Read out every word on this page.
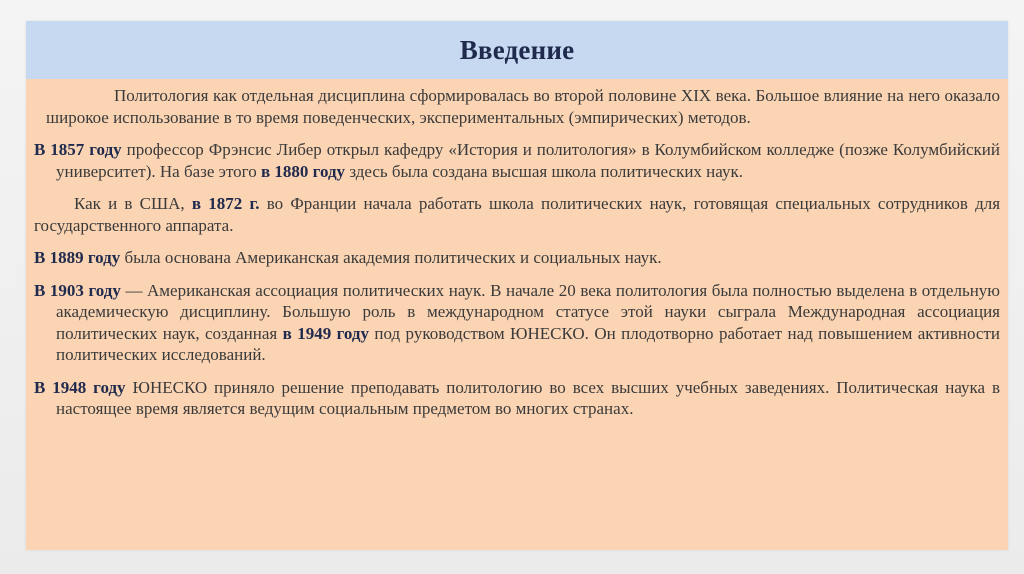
Введение

Политология как отдельная дисциплина сформировалась во второй половине XIX века. Большое влияние на него оказало широкое использование в то время поведенческих, экспериментальных (эмпирических) методов.

В 1857 году профессор Фрэнсис Либер открыл кафедру «История и политология» в Колумбийском колледже (позже Колумбийский университет). На базе этого в 1880 году здесь была создана высшая школа политических наук.

Как и в США, в 1872 г. во Франции начала работать школа политических наук, готовящая специальных сотрудников для государственного аппарата.

В 1889 году была основана Американская академия политических и социальных наук.

В 1903 году — Американская ассоциация политических наук. В начале 20 века политология была полностью выделена в отдельную академическую дисциплину. Большую роль в международном статусе этой науки сыграла Международная ассоциация политических наук, созданная в 1949 году под руководством ЮНЕСКО. Он плодотворно работает над повышением активности политических исследований.

В 1948 году ЮНЕСКО приняло решение преподавать политологию во всех высших учебных заведениях. Политическая наука в настоящее время является ведущим социальным предметом во многих странах.
